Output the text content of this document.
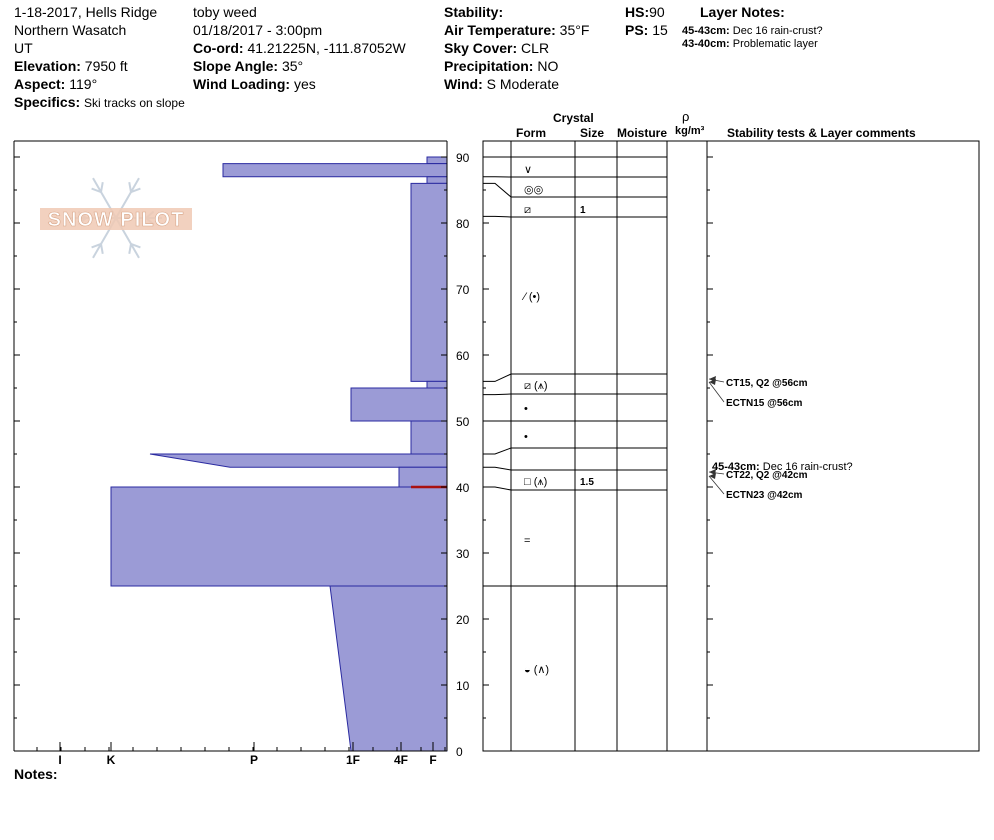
1-18-2017, Hells Ridge
Northern Wasatch
UT
Elevation: 7950 ft
Aspect: 119°
Specifics: Ski tracks on slope
toby weed
01/18/2017 - 3:00pm
Co-ord: 41.21225N, -111.87052W
Slope Angle: 35°
Wind Loading: yes
Stability:
Air Temperature: 35°F
Sky Cover: CLR
Precipitation: NO
Wind: S Moderate
HS:90
PS: 15
Layer Notes:
45-43cm: Dec 16 rain-crust?
43-40cm: Problematic layer
Crystal
Form	Size Moisture
ρ
kg/m³ Stability tests & Layer comments
SNOW PILOT
0
10
20
30
40
50
60
70
80
90
I	K	P	1F	4F F
∨
◎◎
⧄	1
⁄ (•)
⧄ (⩚)
•
•
□ (⩚)	1.5
=
◒ (∧)
CT15, Q2 @56cm
ECTN15 @56cm
CT22, Q2 @42cm
ECTN23 @42cm
45-43cm: Dec 16 rain-crust?
Notes:
